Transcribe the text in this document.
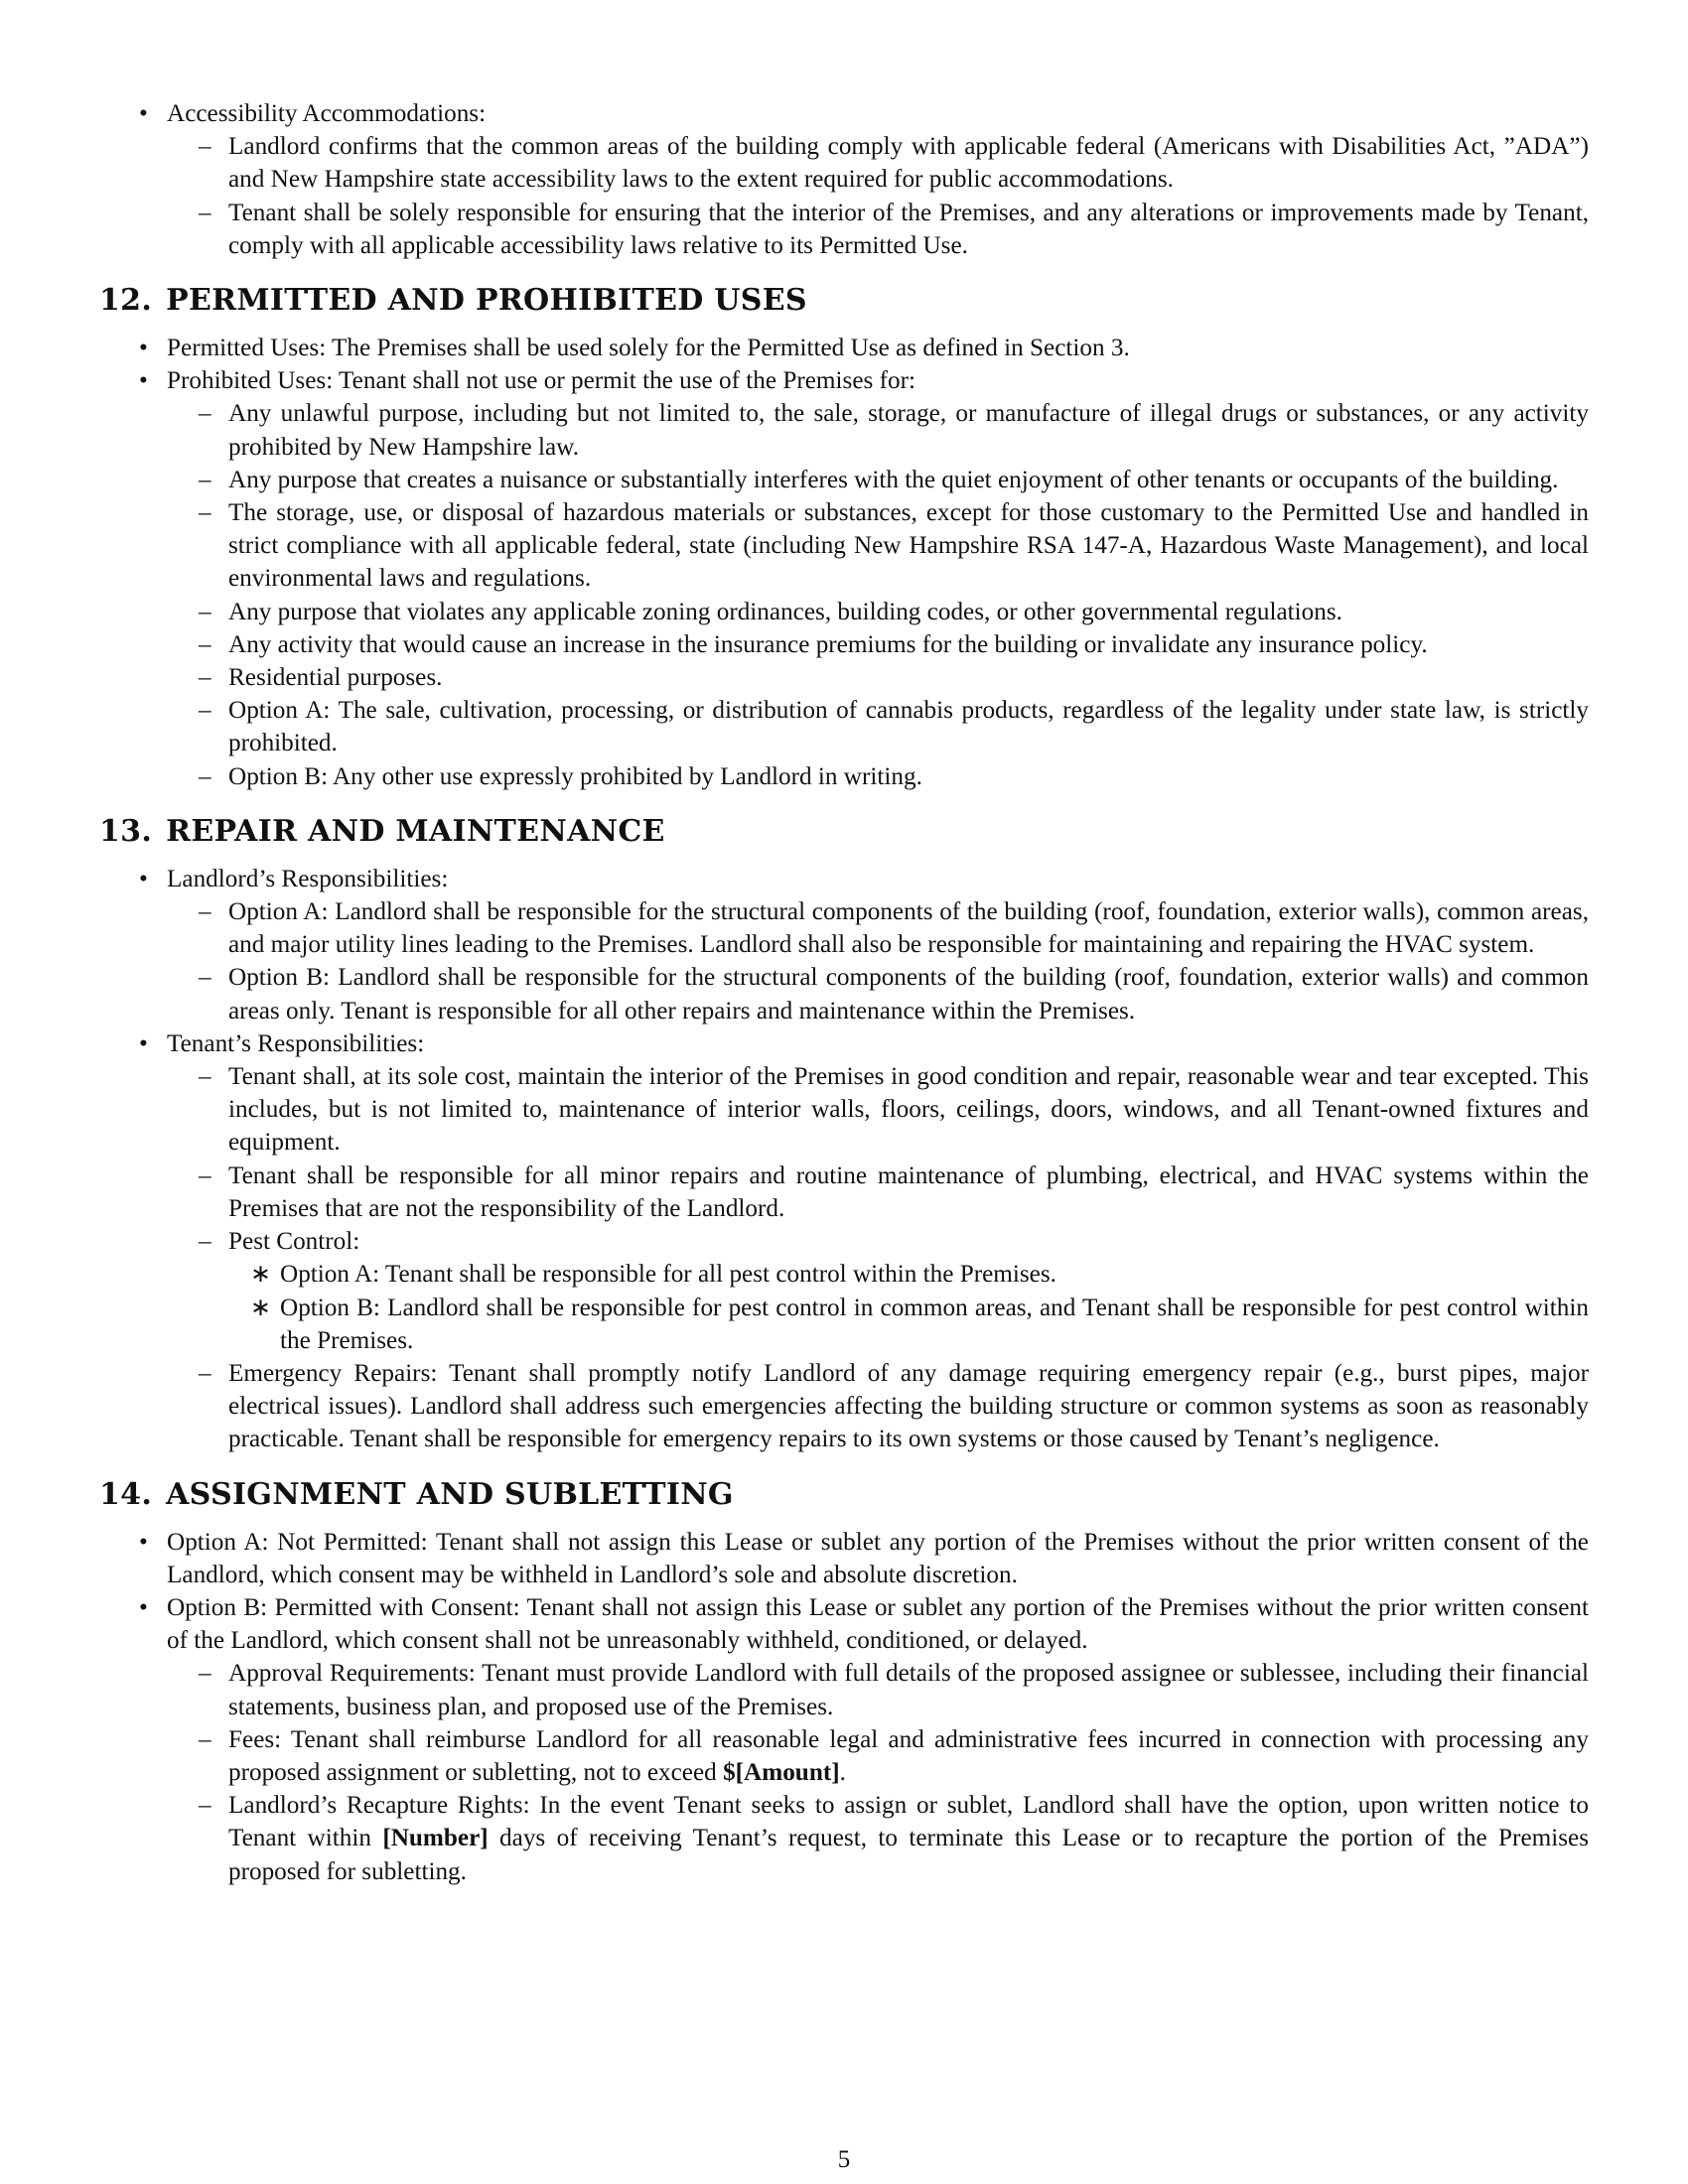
• Accessibility Accommodations:
– Landlord confirms that the common areas of the building comply with applicable federal (Americans with Disabilities Act, ”ADA”) and New Hampshire state accessibility laws to the extent required for public accommodations.
– Tenant shall be solely responsible for ensuring that the interior of the Premises, and any alterations or improvements made by Tenant, comply with all applicable accessibility laws relative to its Permitted Use.
12. PERMITTED AND PROHIBITED USES
• Permitted Uses: The Premises shall be used solely for the Permitted Use as defined in Section 3.
• Prohibited Uses: Tenant shall not use or permit the use of the Premises for:
– Any unlawful purpose, including but not limited to, the sale, storage, or manufacture of illegal drugs or substances, or any activity prohibited by New Hampshire law.
– Any purpose that creates a nuisance or substantially interferes with the quiet enjoyment of other tenants or occupants of the building.
– The storage, use, or disposal of hazardous materials or substances, except for those customary to the Permitted Use and handled in strict compliance with all applicable federal, state (including New Hampshire RSA 147-A, Hazardous Waste Management), and local environmental laws and regulations.
– Any purpose that violates any applicable zoning ordinances, building codes, or other governmental regulations.
– Any activity that would cause an increase in the insurance premiums for the building or invalidate any insurance policy.
– Residential purposes.
– Option A: The sale, cultivation, processing, or distribution of cannabis products, regardless of the legality under state law, is strictly prohibited.
– Option B: Any other use expressly prohibited by Landlord in writing.
13. REPAIR AND MAINTENANCE
• Landlord’s Responsibilities:
– Option A: Landlord shall be responsible for the structural components of the building (roof, foundation, exterior walls), common areas, and major utility lines leading to the Premises. Landlord shall also be responsible for maintaining and repairing the HVAC system.
– Option B: Landlord shall be responsible for the structural components of the building (roof, foundation, exterior walls) and common areas only. Tenant is responsible for all other repairs and maintenance within the Premises.
• Tenant’s Responsibilities:
– Tenant shall, at its sole cost, maintain the interior of the Premises in good condition and repair, reasonable wear and tear excepted. This includes, but is not limited to, maintenance of interior walls, floors, ceilings, doors, windows, and all Tenant-owned fixtures and equipment.
– Tenant shall be responsible for all minor repairs and routine maintenance of plumbing, electrical, and HVAC systems within the Premises that are not the responsibility of the Landlord.
– Pest Control:
∗ Option A: Tenant shall be responsible for all pest control within the Premises.
∗ Option B: Landlord shall be responsible for pest control in common areas, and Tenant shall be responsible for pest control within the Premises.
– Emergency Repairs: Tenant shall promptly notify Landlord of any damage requiring emergency repair (e.g., burst pipes, major electrical issues). Landlord shall address such emergencies affecting the building structure or common systems as soon as reasonably practicable. Tenant shall be responsible for emergency repairs to its own systems or those caused by Tenant’s negligence.
14. ASSIGNMENT AND SUBLETTING
• Option A: Not Permitted: Tenant shall not assign this Lease or sublet any portion of the Premises without the prior written consent of the Landlord, which consent may be withheld in Landlord’s sole and absolute discretion.
• Option B: Permitted with Consent: Tenant shall not assign this Lease or sublet any portion of the Premises without the prior written consent of the Landlord, which consent shall not be unreasonably withheld, conditioned, or delayed.
– Approval Requirements: Tenant must provide Landlord with full details of the proposed assignee or sublessee, including their financial statements, business plan, and proposed use of the Premises.
– Fees: Tenant shall reimburse Landlord for all reasonable legal and administrative fees incurred in connection with processing any proposed assignment or subletting, not to exceed $[Amount].
– Landlord’s Recapture Rights: In the event Tenant seeks to assign or sublet, Landlord shall have the option, upon written notice to Tenant within [Number] days of receiving Tenant’s request, to terminate this Lease or to recapture the portion of the Premises proposed for subletting.
5
